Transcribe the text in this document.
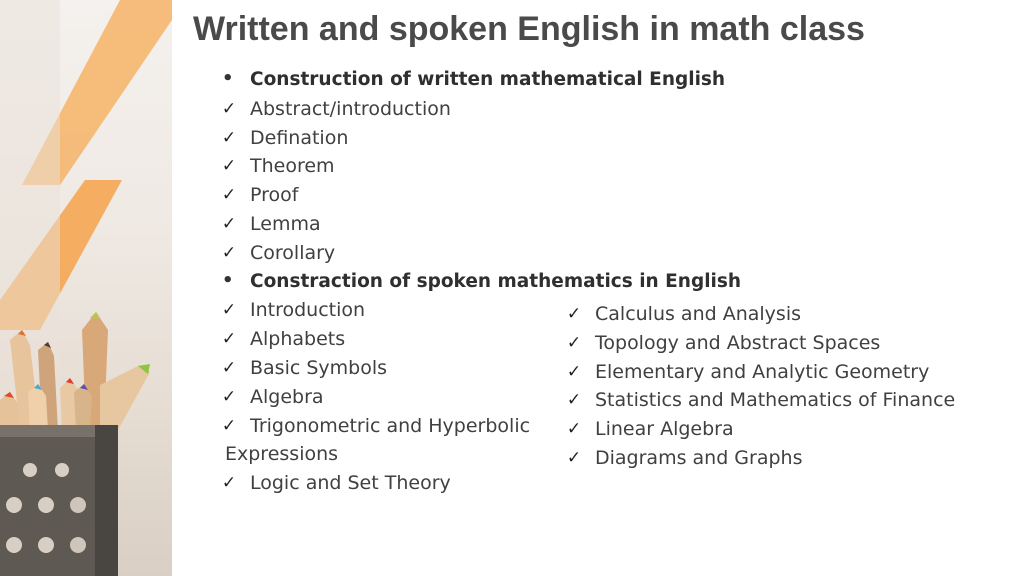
Written and spoken English in math class
• Construction of written mathematical English
✓ Abstract/introduction
✓ Defination
✓ Theorem
✓ Proof
✓ Lemma
✓ Corollary
• Constraction of spoken mathematics in English
✓ Introduction
✓ Alphabets
✓ Basic Symbols
✓ Algebra
✓ Trigonometric and Hyperbolic
Expressions
✓ Logic and Set Theory
✓ Calculus and Analysis
✓ Topology and Abstract Spaces
✓ Elementary and Analytic Geometry
✓ Statistics and Mathematics of Finance
✓ Linear Algebra
✓ Diagrams and Graphs
